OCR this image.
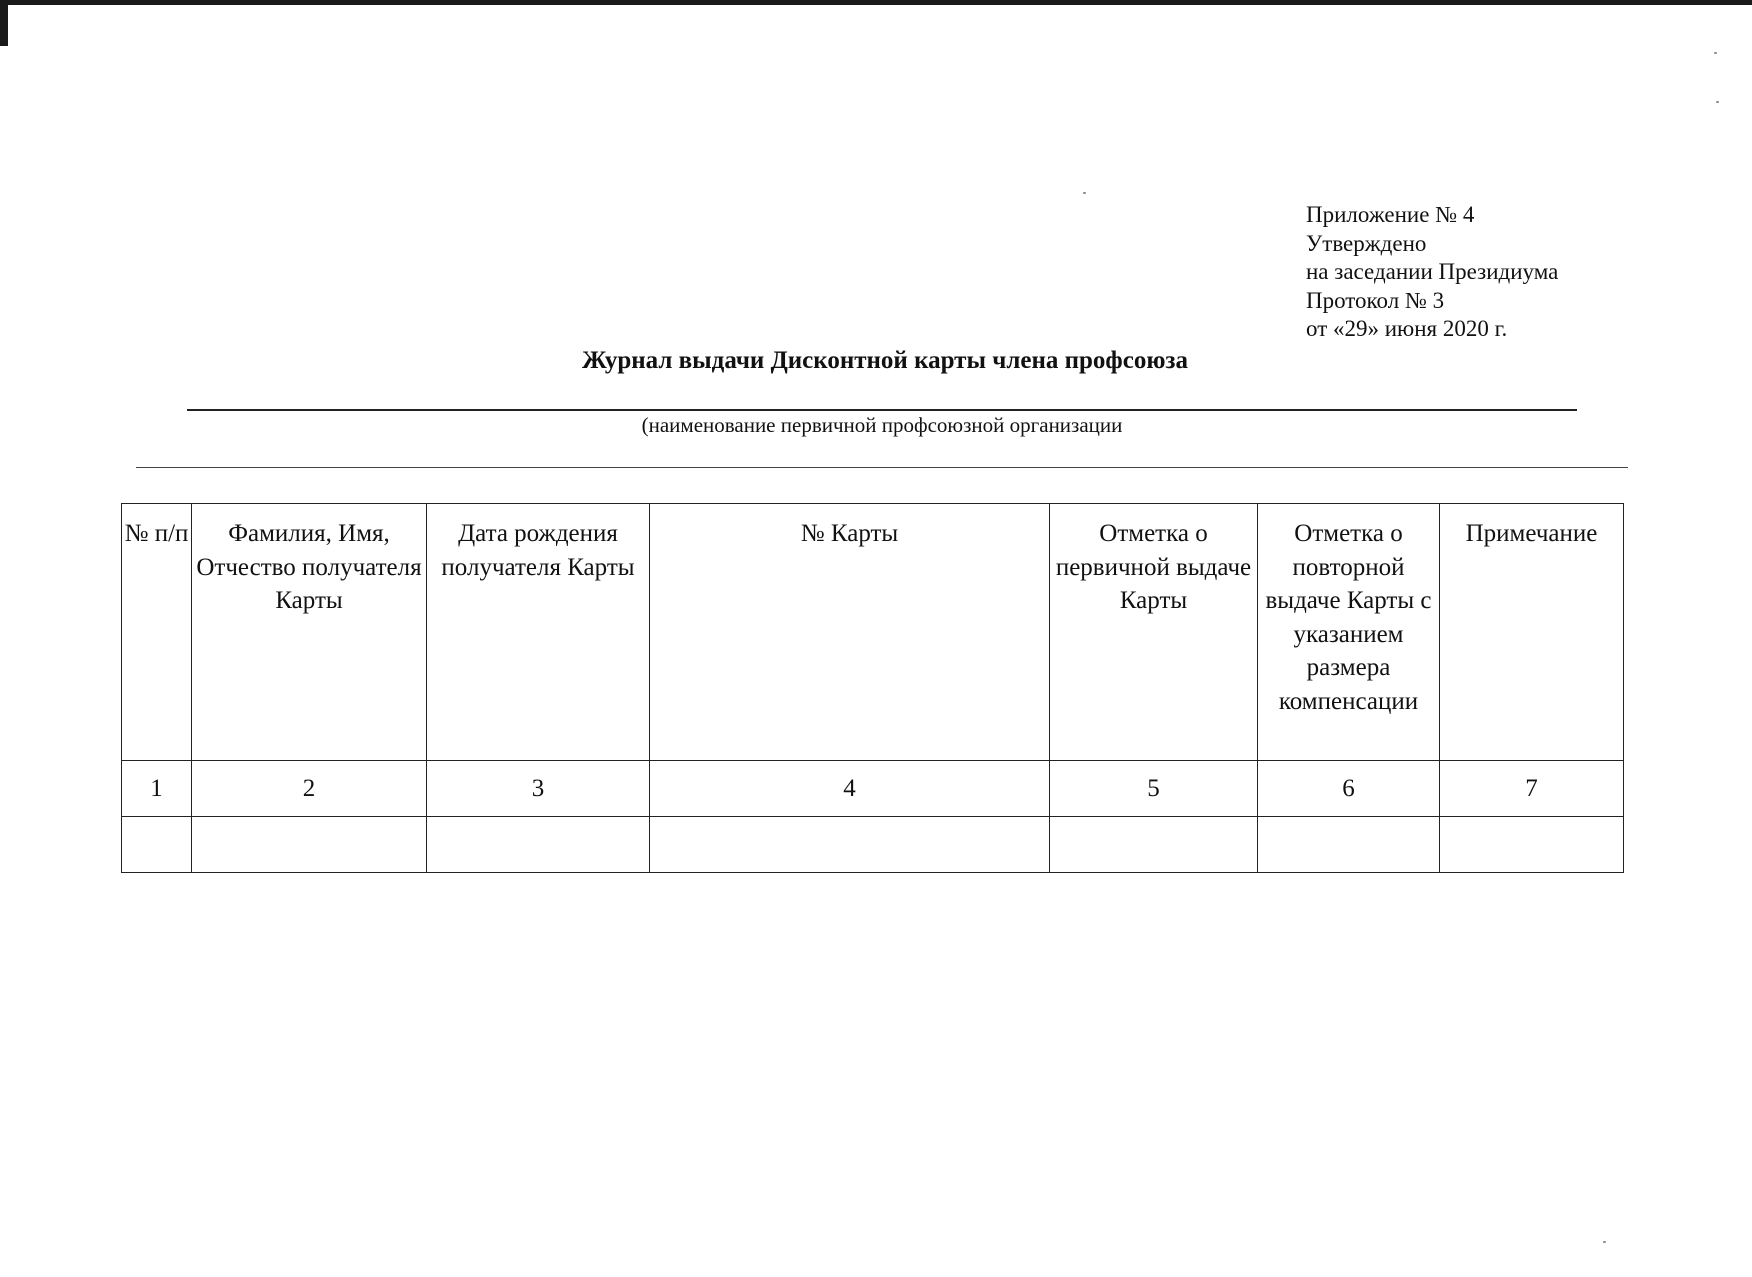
Приложение № 4
Утверждено
на заседании Президиума
Протокол № 3
от «29» июня 2020 г.
Журнал выдачи Дисконтной карты члена профсоюза
(наименование первичной профсоюзной организации
№ п/п	Фамилия, Имя, Отчество получателя Карты	Дата рождения получателя Карты	№ Карты	Отметка о первичной выдаче Карты	Отметка о повторной выдаче Карты с указанием размера компенсации	Примечание
1	2	3	4	5	6	7
